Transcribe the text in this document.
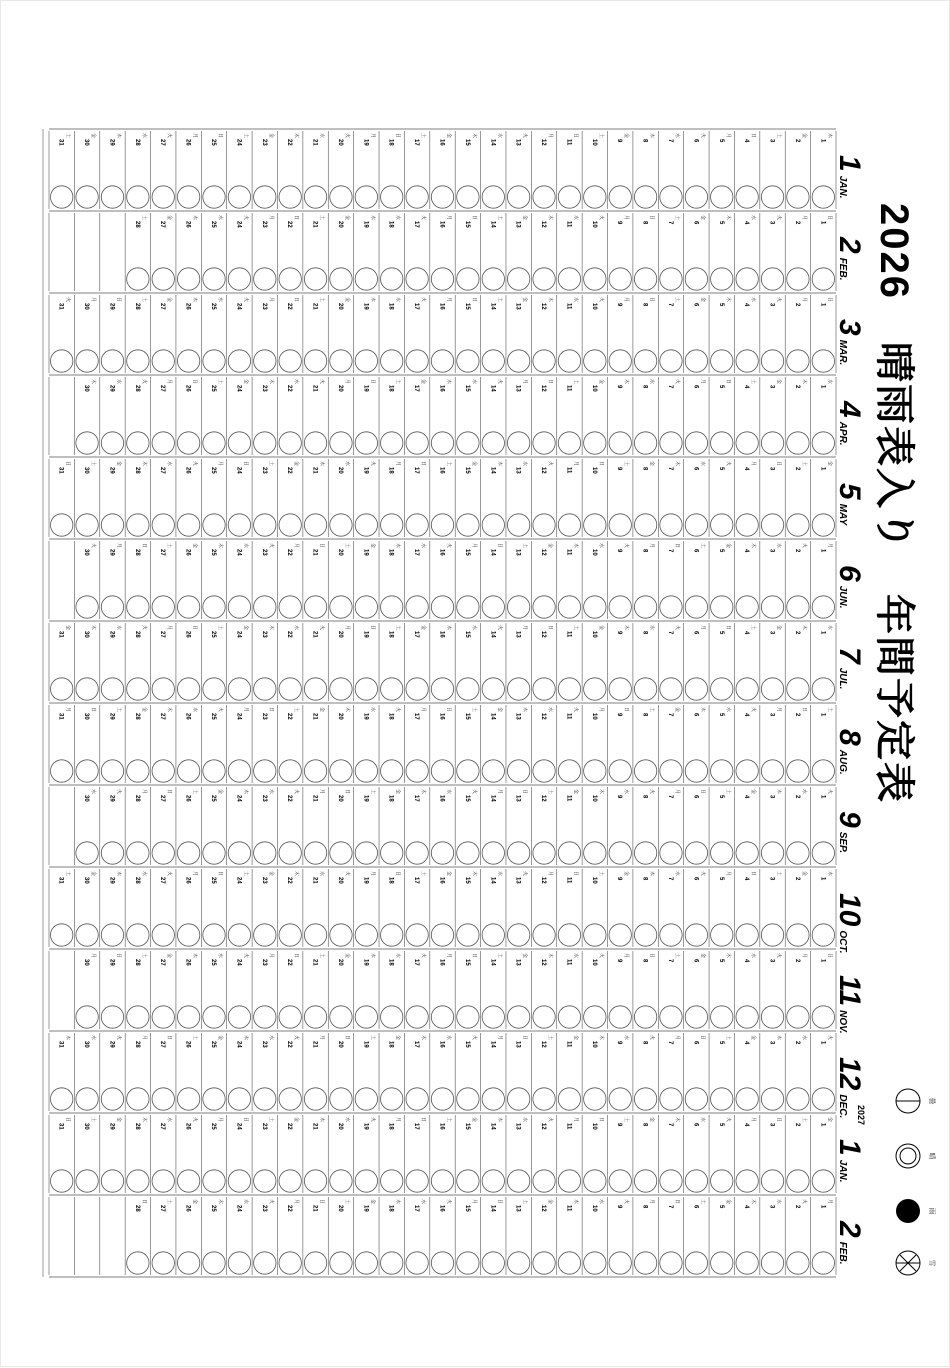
2026　晴雨表入り　年間予定表
1
木
2
金
3
土
4
日
5
月
6
火
7
水
8
木
9
金
10
土
11
日
12
月
13
火
14
水
15
木
16
金
17
土
18
日
19
月
20
火
21
水
22
木
23
金
24
土
25
日
26
月
27
火
28
水
29
木
30
金
31
土
1
日
2
月
3
火
4
水
5
木
6
金
7
土
8
日
9
月
10
火
11
水
12
木
13
金
14
土
15
日
16
月
17
火
18
水
19
木
20
金
21
土
22
日
23
月
24
火
25
水
26
木
27
金
28
土
1
日
2
月
3
火
4
水
5
木
6
金
7
土
8
日
9
月
10
火
11
水
12
木
13
金
14
土
15
日
16
月
17
火
18
水
19
木
20
金
21
土
22
日
23
月
24
火
25
水
26
木
27
金
28
土
29
日
30
月
31
火
1
水
2
木
3
金
4
土
5
日
6
月
7
火
8
水
9
木
10
金
11
土
12
日
13
月
14
火
15
水
16
木
17
金
18
土
19
日
20
月
21
火
22
水
23
木
24
金
25
土
26
日
27
月
28
火
29
水
30
木
1
金
2
土
3
日
4
月
5
火
6
水
7
木
8
金
9
土
10
日
11
月
12
火
13
水
14
木
15
金
16
土
17
日
18
月
19
火
20
水
21
木
22
金
23
土
24
日
25
月
26
火
27
水
28
木
29
金
30
土
31
日
1
月
2
火
3
水
4
木
5
金
6
土
7
日
8
月
9
火
10
水
11
木
12
金
13
土
14
日
15
月
16
火
17
水
18
木
19
金
20
土
21
日
22
月
23
火
24
水
25
木
26
金
27
土
28
日
29
月
30
火
1
水
2
木
3
金
4
土
5
日
6
月
7
火
8
水
9
木
10
金
11
土
12
日
13
月
14
火
15
水
16
木
17
金
18
土
19
日
20
月
21
火
22
水
23
木
24
金
25
土
26
日
27
月
28
火
29
水
30
木
31
金
1
土
2
日
3
月
4
火
5
水
6
木
7
金
8
土
9
日
10
月
11
火
12
水
13
木
14
金
15
土
16
日
17
月
18
火
19
水
20
木
21
金
22
土
23
日
24
月
25
火
26
水
27
木
28
金
29
土
30
日
31
月
1
火
2
水
3
木
4
金
5
土
6
日
7
月
8
火
9
水
10
木
11
金
12
土
13
日
14
月
15
火
16
水
17
木
18
金
19
土
20
日
21
月
22
火
23
水
24
木
25
金
26
土
27
日
28
月
29
火
30
水
1
木
2
金
3
土
4
日
5
月
6
火
7
水
8
木
9
金
10
土
11
日
12
月
13
火
14
水
15
木
16
金
17
土
18
日
19
月
20
火
21
水
22
木
23
金
24
土
25
日
26
月
27
火
28
水
29
木
30
金
31
土
1
日
2
月
3
火
4
水
5
木
6
金
7
土
8
日
9
月
10
火
11
水
12
木
13
金
14
土
15
日
16
月
17
火
18
水
19
木
20
金
21
土
22
日
23
月
24
火
25
水
26
木
27
金
28
土
29
日
30
月
1
火
2
水
3
木
4
金
5
土
6
日
7
月
8
火
9
水
10
木
11
金
12
土
13
日
14
月
15
火
16
水
17
木
18
金
19
土
20
日
21
月
22
火
23
水
24
木
25
金
26
土
27
日
28
月
29
火
30
水
31
木
1
金
2
土
3
日
4
月
5
火
6
水
7
木
8
金
9
土
10
日
11
月
12
火
13
水
14
木
15
金
16
土
17
日
18
月
19
火
20
水
21
木
22
金
23
土
24
日
25
月
26
火
27
水
28
木
29
金
30
土
31
日
1
月
2
火
3
水
4
木
5
金
6
土
7
日
8
月
9
火
10
水
11
木
12
金
13
土
14
日
15
月
16
火
17
水
18
木
19
金
20
土
21
日
22
月
23
火
24
水
25
木
26
金
27
土
28
日
曇
晴
雨
雪
1JAN.
2FEB.
3MAR.
4APR.
5MAY
6JUN.
7JUL.
8AUG.
9SEP.
10OCT.
11NOV.
12DEC.
1JAN.
2027
2FEB.
